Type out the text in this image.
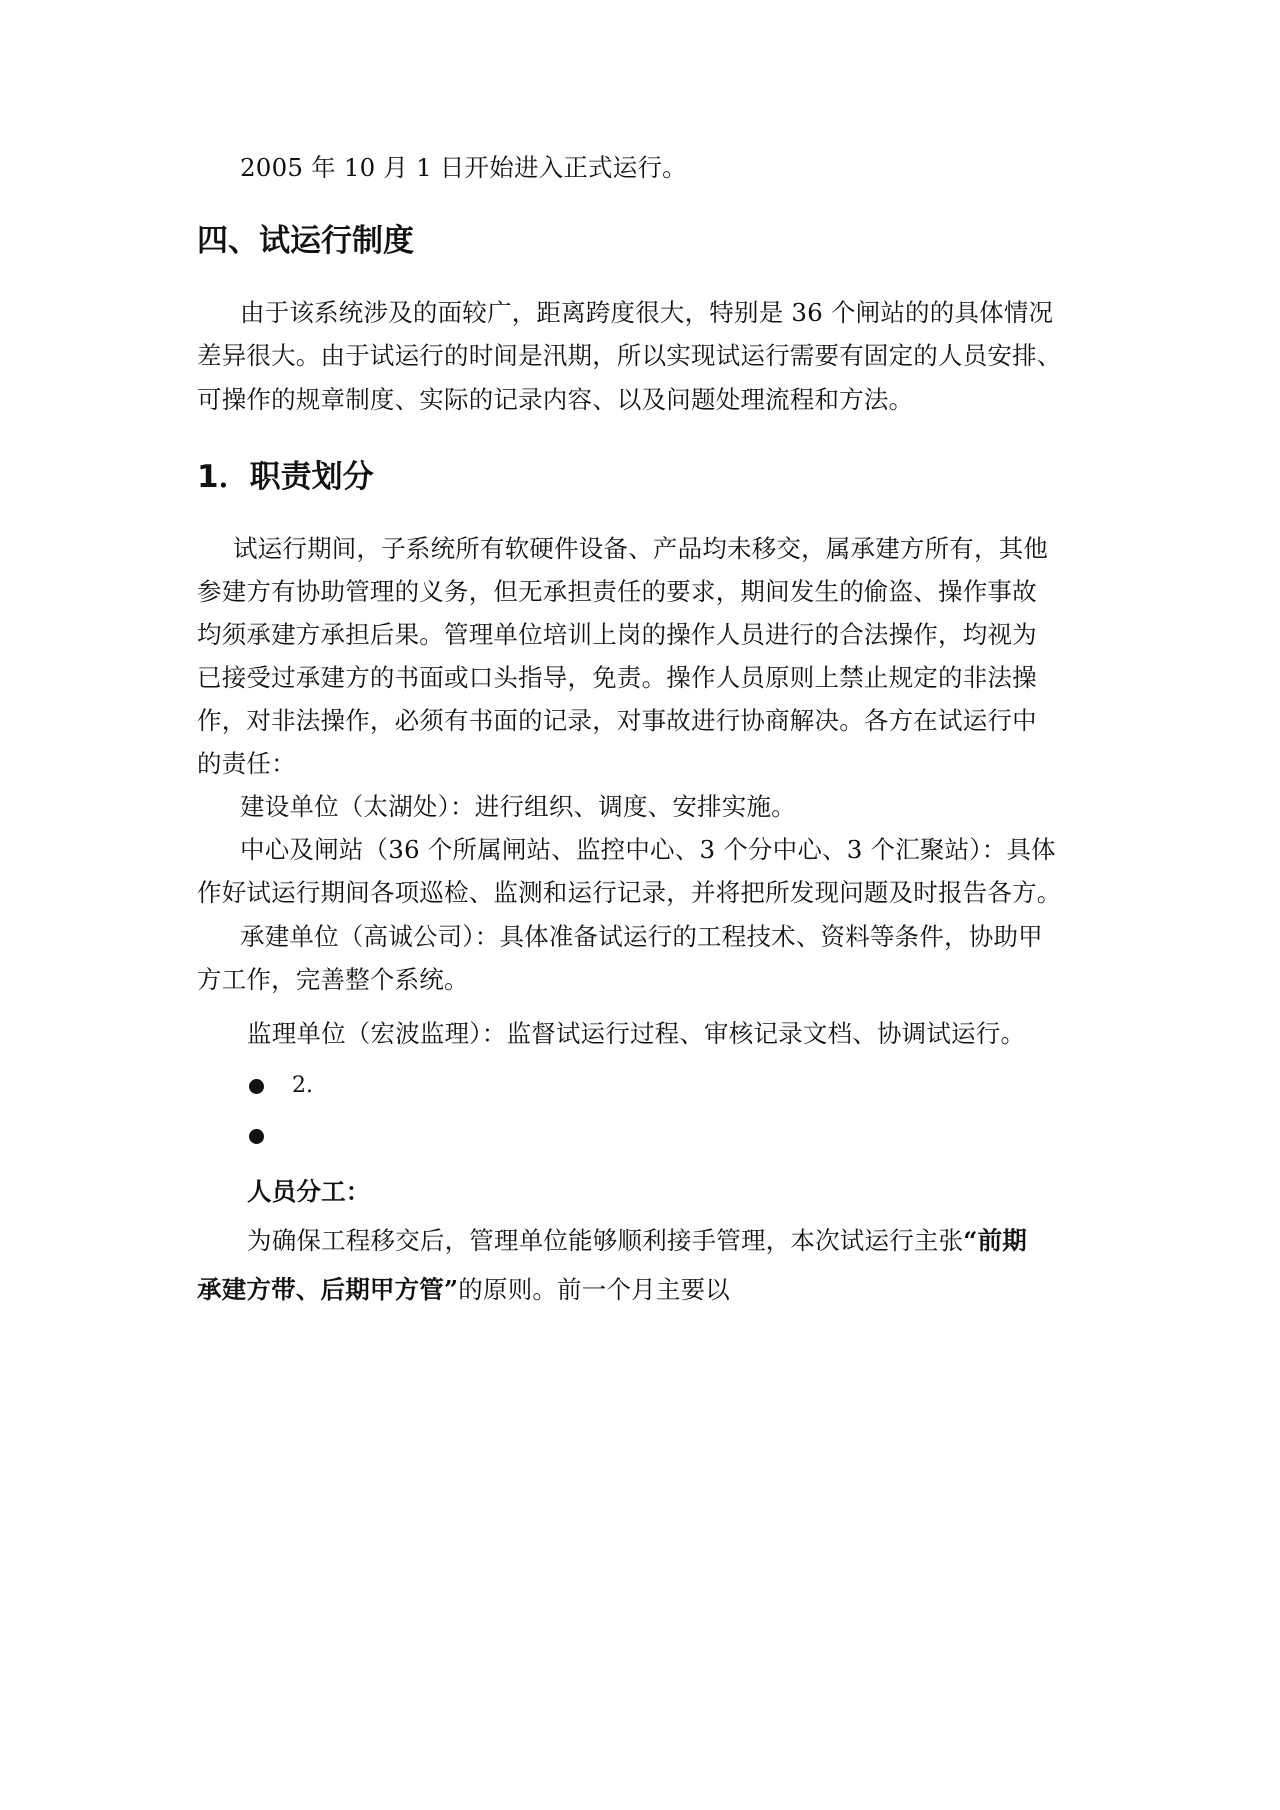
2005 年 10 月 1 日开始进入正式运行。
四、试运行制度
由于该系统涉及的面较广，距离跨度很大，特别是 36 个闸站的的具体情况
差异很大。由于试运行的时间是汛期，所以实现试运行需要有固定的人员安排、
可操作的规章制度、实际的记录内容、以及问题处理流程和方法。
1．职责划分
试运行期间，子系统所有软硬件设备、产品均未移交，属承建方所有，其他
参建方有协助管理的义务，但无承担责任的要求，期间发生的偷盗、操作事故
均须承建方承担后果。管理单位培训上岗的操作人员进行的合法操作，均视为
已接受过承建方的书面或口头指导，免责。操作人员原则上禁止规定的非法操
作，对非法操作，必须有书面的记录，对事故进行协商解决。各方在试运行中
的责任：
建设单位（太湖处）：进行组织、调度、安排实施。
中心及闸站（36 个所属闸站、监控中心、3 个分中心、3 个汇聚站）：具体
作好试运行期间各项巡检、监测和运行记录，并将把所发现问题及时报告各方。
承建单位（高诚公司）：具体准备试运行的工程技术、资料等条件，协助甲
方工作，完善整个系统。
监理单位（宏波监理）：监督试运行过程、审核记录文档、协调试运行。
2.
人员分工：
为确保工程移交后，管理单位能够顺利接手管理，本次试运行主张“前期
承建方带、后期甲方管”的原则。前一个月主要以
